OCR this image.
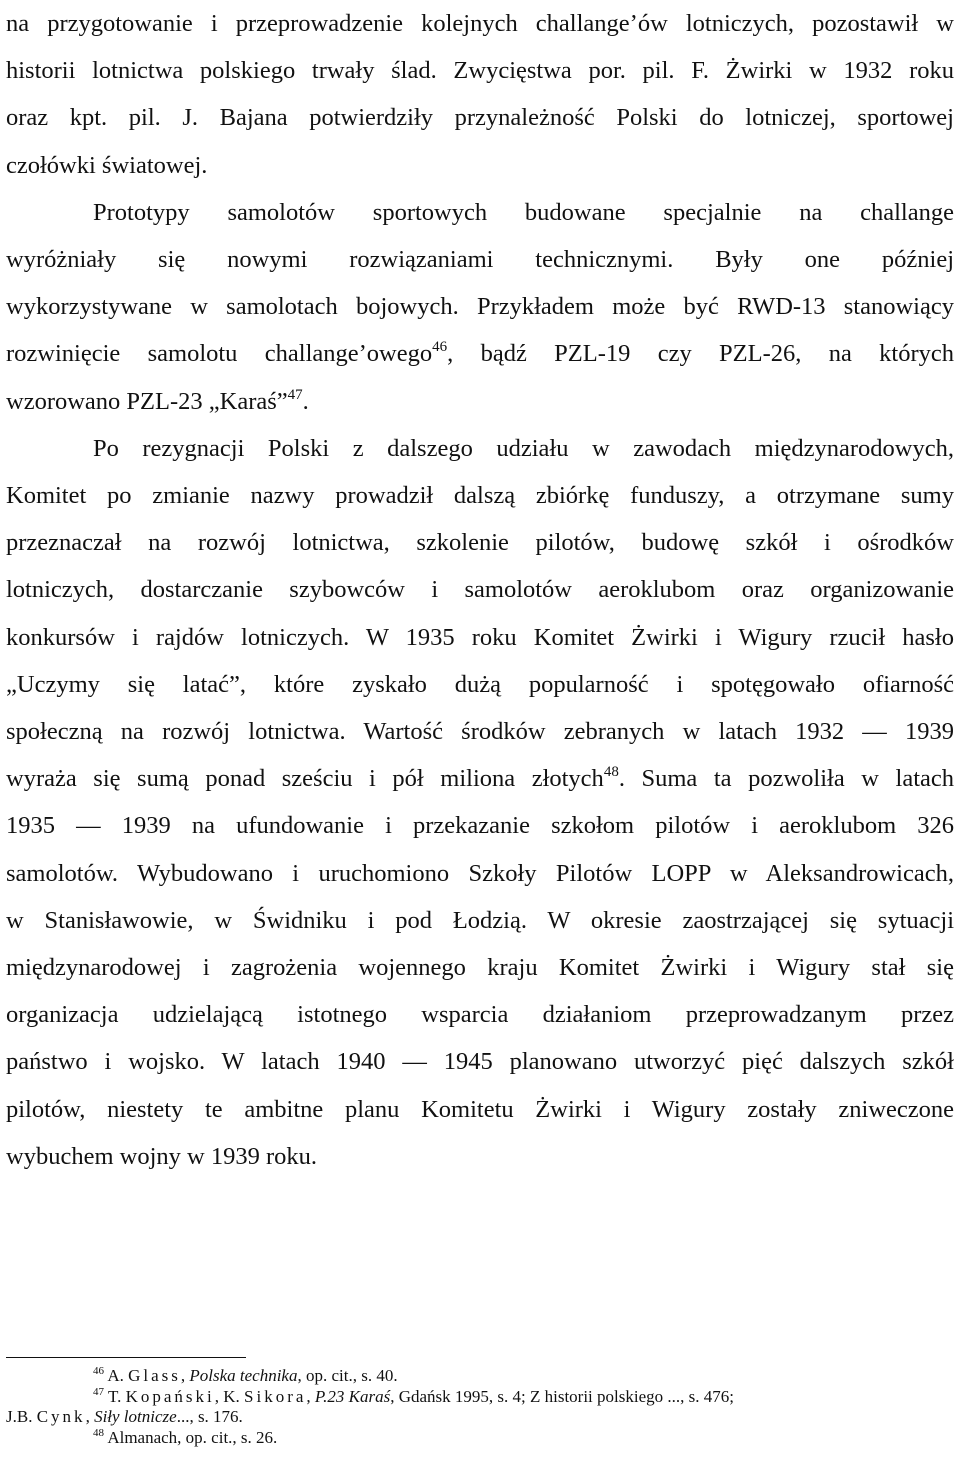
na przygotowanie i przeprowadzenie kolejnych challange’ów lotniczych, pozostawił w
historii lotnictwa polskiego trwały ślad. Zwycięstwa por. pil. F. Żwirki w 1932 roku
oraz kpt. pil. J. Bajana potwierdziły przynależność Polski do lotniczej, sportowej
czołówki światowej.
Prototypy samolotów sportowych budowane specjalnie na challange
wyróżniały się nowymi rozwiązaniami technicznymi. Były one później
wykorzystywane w samolotach bojowych. Przykładem może być RWD-13 stanowiący
rozwinięcie samolotu challange’owego$^{46}$, bądź PZL-19 czy PZL-26, na których
wzorowano PZL-23 „Karaś”$^{47}$.
Po rezygnacji Polski z dalszego udziału w zawodach międzynarodowych,
Komitet po zmianie nazwy prowadził dalszą zbiórkę funduszy, a otrzymane sumy
przeznaczał na rozwój lotnictwa, szkolenie pilotów, budowę szkół i ośrodków
lotniczych, dostarczanie szybowców i samolotów aeroklubom oraz organizowanie
konkursów i rajdów lotniczych. W 1935 roku Komitet Żwirki i Wigury rzucił hasło
„Uczymy się latać”, które zyskało dużą popularność i spotęgowało ofiarność
społeczną na rozwój lotnictwa. Wartość środków zebranych w latach 1932 — 1939
wyraża się sumą ponad sześciu i pół miliona złotych$^{48}$. Suma ta pozwoliła w latach
1935 — 1939 na ufundowanie i przekazanie szkołom pilotów i aeroklubom 326
samolotów. Wybudowano i uruchomiono Szkoły Pilotów LOPP w Aleksandrowicach,
w Stanisławowie, w Świdniku i pod Łodzią. W okresie zaostrzającej się sytuacji
międzynarodowej i zagrożenia wojennego kraju Komitet Żwirki i Wigury stał się
organizacja udzielającą istotnego wsparcia działaniom przeprowadzanym przez
państwo i wojsko. W latach 1940 — 1945 planowano utworzyć pięć dalszych szkół
pilotów, niestety te ambitne planu Komitetu Żwirki i Wigury zostały zniweczone
wybuchem wojny w 1939 roku.
$^{46}$ A. Glass, Polska technika, op. cit., s. 40.
$^{47}$ T. Kopański, K. Sikora, P.23 Karaś, Gdańsk 1995, s. 4; Z historii polskiego ..., s. 476;
J.B. Cynk, Siły lotnicze..., s. 176.
$^{48}$ Almanach, op. cit., s. 26.
